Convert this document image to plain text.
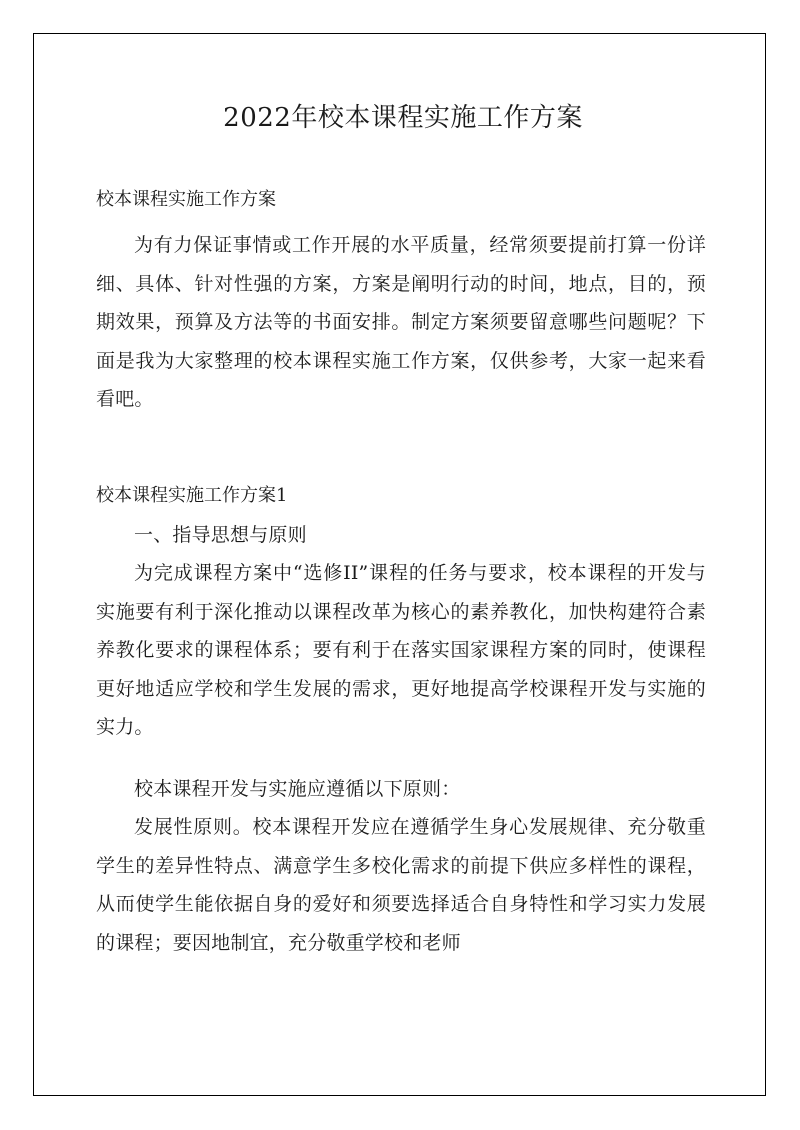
2022年校本课程实施工作方案

校本课程实施工作方案

为有力保证事情或工作开展的水平质量，经常须要提前打算一份详细、具体、针对性强的方案，方案是阐明行动的时间，地点，目的，预期效果，预算及方法等的书面安排。制定方案须要留意哪些问题呢？下面是我为大家整理的校本课程实施工作方案，仅供参考，大家一起来看看吧。

校本课程实施工作方案1

一、指导思想与原则

为完成课程方案中“选修II”课程的任务与要求，校本课程的开发与实施要有利于深化推动以课程改革为核心的素养教化，加快构建符合素养教化要求的课程体系；要有利于在落实国家课程方案的同时，使课程更好地适应学校和学生发展的需求，更好地提高学校课程开发与实施的实力。

校本课程开发与实施应遵循以下原则：

发展性原则。校本课程开发应在遵循学生身心发展规律、充分敬重学生的差异性特点、满意学生多校化需求的前提下供应多样性的课程，从而使学生能依据自身的爱好和须要选择适合自身特性和学习实力发展的课程；要因地制宜，充分敬重学校和老师
